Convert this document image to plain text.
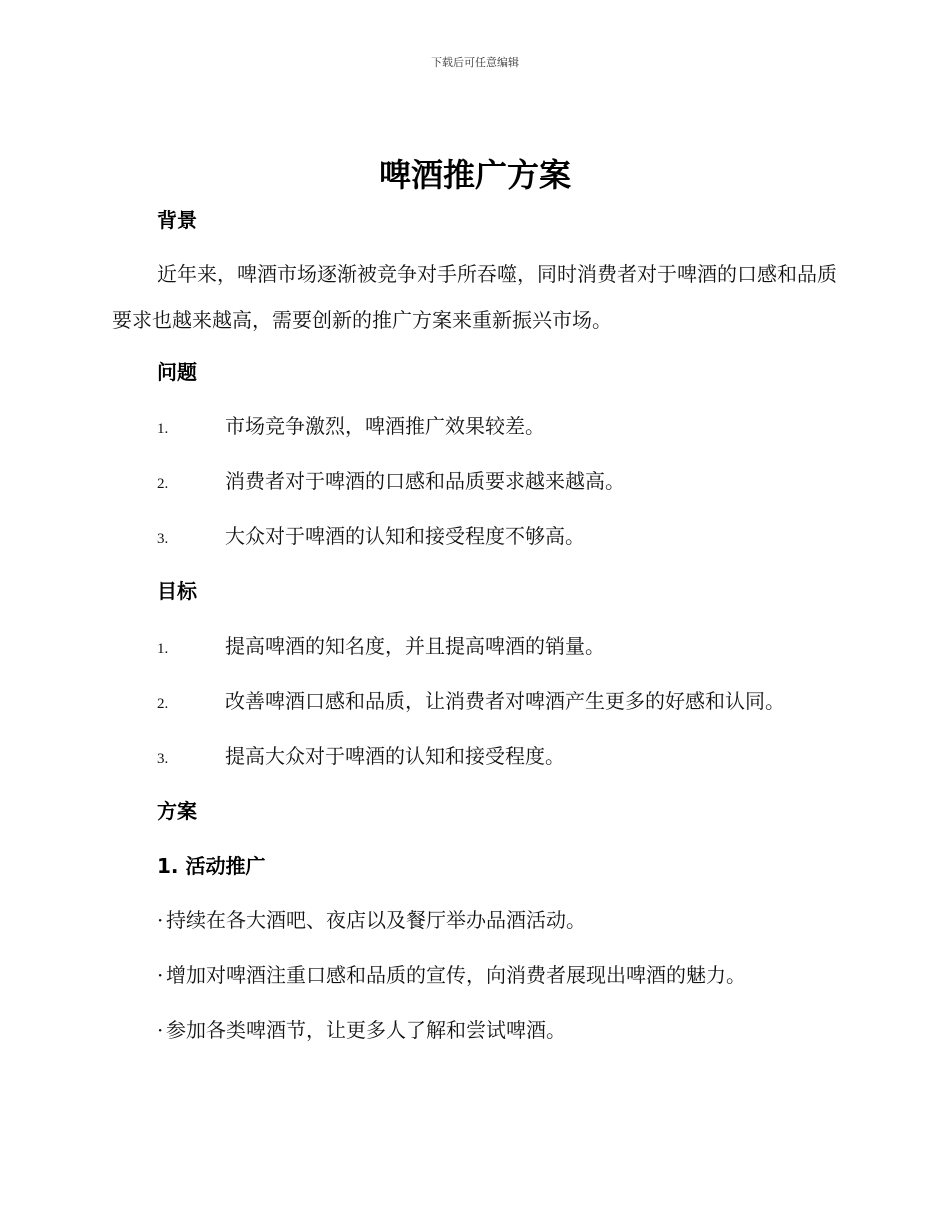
下载后可任意编辑
啤酒推广方案
背景

近年来，啤酒市场逐渐被竞争对手所吞噬，同时消费者对于啤酒的口感和品质要求也越来越高，需要创新的推广方案来重新振兴市场。

问题

1.	市场竞争激烈，啤酒推广效果较差。

2.	消费者对于啤酒的口感和品质要求越来越高。

3.	大众对于啤酒的认知和接受程度不够高。

目标

1.	提高啤酒的知名度，并且提高啤酒的销量。

2.	改善啤酒口感和品质，让消费者对啤酒产生更多的好感和认同。

3.	提高大众对于啤酒的认知和接受程度。

方案
1. 活动推广

· 持续在各大酒吧、夜店以及餐厅举办品酒活动。

· 增加对啤酒注重口感和品质的宣传，向消费者展现出啤酒的魅力。

· 参加各类啤酒节，让更多人了解和尝试啤酒。
